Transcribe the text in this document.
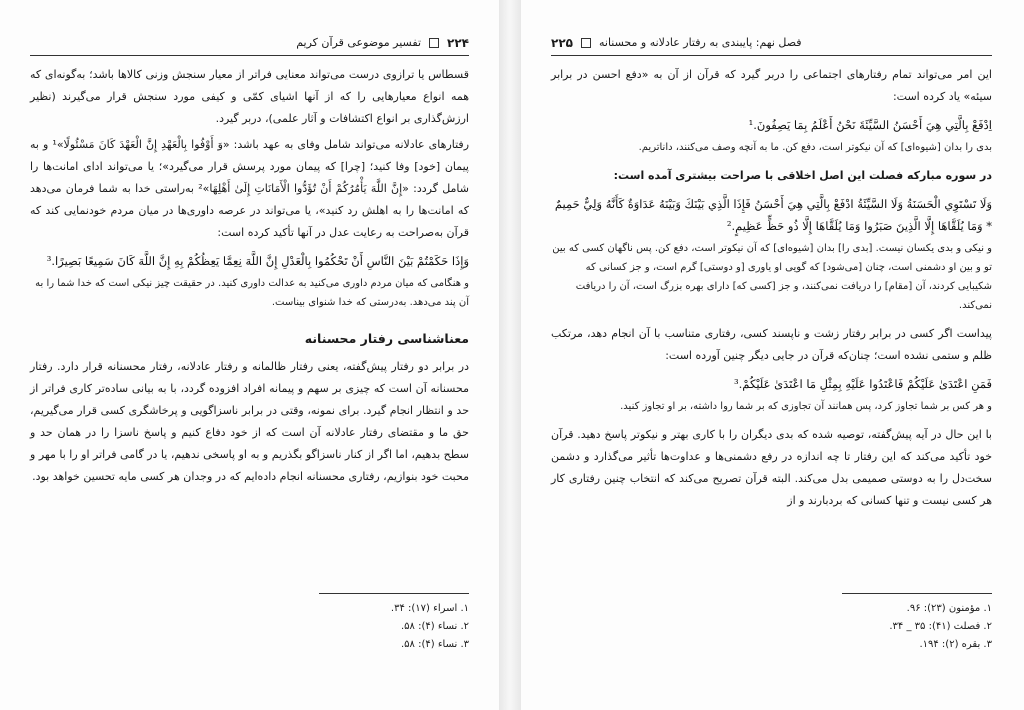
فصل نهم: پایبندی به رفتار عادلانه و محسنانه
۲۲۵

این امر می‌تواند تمام رفتارهای اجتماعی را دربر گیرد که قرآن از آن به «دفع احسن در برابر سیئه» یاد کرده است:

اِدْفَعْ بِالَّتِي هِيَ أَحْسَنُ السَّيِّئَةَ نَحْنُ أَعْلَمُ بِمَا يَصِفُونَ.¹
بدی را بدان [شیوه‌ای] که آن نیکوتر است، دفع کن. ما به آنچه وصف می‌کنند، داناتریم.

در سوره مبارکه فصلت این اصل اخلاقی با صراحت بیشتری آمده است:

وَلَا تَسْتَوِي الْحَسَنَةُ وَلَا السَّيِّئَةُ ادْفَعْ بِالَّتِي هِيَ أَحْسَنُ فَإِذَا الَّذِي بَيْنَكَ وَبَيْنَهُ عَدَاوَةٌ كَأَنَّهُ وَلِيٌّ حَمِيمٌ * وَمَا يُلَقَّاهَا إِلَّا الَّذِينَ صَبَرُوا وَمَا يُلَقَّاهَا إِلَّا ذُو حَظٍّ عَظِيمٍ.²
و نیکی و بدی یکسان نیست. [بدی را] بدان [شیوه‌ای] که آن نیکوتر است، دفع کن. پس ناگهان کسی که بین تو و بین او دشمنی است، چنان [می‌شود] که گویی او یاوری [و دوستی] گرم است، و جز کسانی که شکیبایی کردند، آن [مقام] را دریافت نمی‌کنند، و جز [کسی که] دارای بهره بزرگ است، آن را دریافت نمی‌کند.

پیداست اگر کسی در برابر رفتار زشت و ناپسند کسی، رفتاری متناسب با آن انجام دهد، مرتکب ظلم و ستمی نشده است؛ چنان‌که قرآن در جایی دیگر چنین آورده است:

فَمَنِ اعْتَدَىٰ عَلَيْكُمْ فَاعْتَدُوا عَلَيْهِ بِمِثْلِ مَا اعْتَدَىٰ عَلَيْكُمْ.³
و هر کس بر شما تجاوز کرد، پس همانند آن تجاوزی که بر شما روا داشته، بر او تجاوز کنید.

با این حال در آیه پیش‌گفته، توصیه شده که بدی دیگران را با کاری بهتر و نیکوتر پاسخ دهید. قرآن خود تأکید می‌کند که این رفتار تا چه اندازه در رفع دشمنی‌ها و عداوت‌ها تأثیر می‌گذارد و دشمن سخت‌دل را به دوستی صمیمی بدل می‌کند. البته قرآن تصریح می‌کند که انتخاب چنین رفتاری کار هر کسی نیست و تنها کسانی که بردبارند و از

۱. مؤمنون (۲۳): ۹۶.

۲. فصلت (۴۱): ۳۵ _ ۳۴.

۳. بقره (۲): ۱۹۴.

۲۲۴
تفسیر موضوعی قرآن کریم

قسطاس یا ترازوی درست می‌تواند معنایی فراتر از معیار سنجش وزنی کالاها باشد؛ به‌گونه‌ای که همه انواع معیارهایی را که از آنها اشیای کمّی و کیفی مورد سنجش قرار می‌گیرند (نظیر ارزش‌گذاری بر انواع اکتشافات و آثار علمی)، دربر گیرد.

رفتارهای عادلانه می‌تواند شامل وفای به عهد باشد: «وَ أَوْفُوا بِالْعَهْدِ إِنَّ الْعَهْدَ كَانَ مَسْئُولًا»¹ و به پیمان [خود] وفا کنید؛ [چرا] که پیمان مورد پرسش قرار می‌گیرد»؛ یا می‌تواند ادای امانت‌ها را شامل گردد: «إِنَّ اللَّهَ يَأْمُرُكُمْ أَنْ تُؤَدُّوا الْأَمَانَاتِ إِلَىٰ أَهْلِهَا»² به‌راستی خدا به شما فرمان می‌دهد که امانت‌ها را به اهلش رد کنید»، یا می‌تواند در عرصه داوری‌ها در میان مردم خودنمایی کند که قرآن به‌صراحت به رعایت عدل در آنها تأکید کرده است:

وَإِذَا حَكَمْتُمْ بَيْنَ النَّاسِ أَنْ تَحْكُمُوا بِالْعَدْلِ إِنَّ اللَّهَ نِعِمَّا يَعِظُكُمْ بِهِ إِنَّ اللَّهَ كَانَ سَمِيعًا بَصِيرًا.³
و هنگامی که میان مردم داوری می‌کنید به عدالت داوری کنید. در حقیقت چیز نیکی است که خدا شما را به آن پند می‌دهد. به‌درستی که خدا شنوای بیناست.
معناشناسی رفتار محسنانه

در برابر دو رفتار پیش‌گفته، یعنی رفتار ظالمانه و رفتار عادلانه، رفتار محسنانه قرار دارد. رفتار محسنانه آن است که چیزی بر سهم و پیمانه افراد افزوده گردد، با به بیانی ساده‌تر کاری فراتر از حد و انتظار انجام گیرد. برای نمونه، وقتی در برابر ناسزاگویی و پرخاشگری کسی قرار می‌گیریم، حق ما و مقتضای رفتار عادلانه آن است که از خود دفاع کنیم و پاسخ ناسزا را در همان حد و سطح بدهیم، اما اگر از کنار ناسزاگو بگذریم و به او پاسخی ندهیم، یا در گامی فراتر او را با مهر و محبت خود بنوازیم، رفتاری محسنانه انجام داده‌ایم که در وجدان هر کسی مایه تحسین خواهد بود.

۱. اسراء (۱۷): ۳۴.

۲. نساء (۴): ۵۸.

۳. نساء (۴): ۵۸.
